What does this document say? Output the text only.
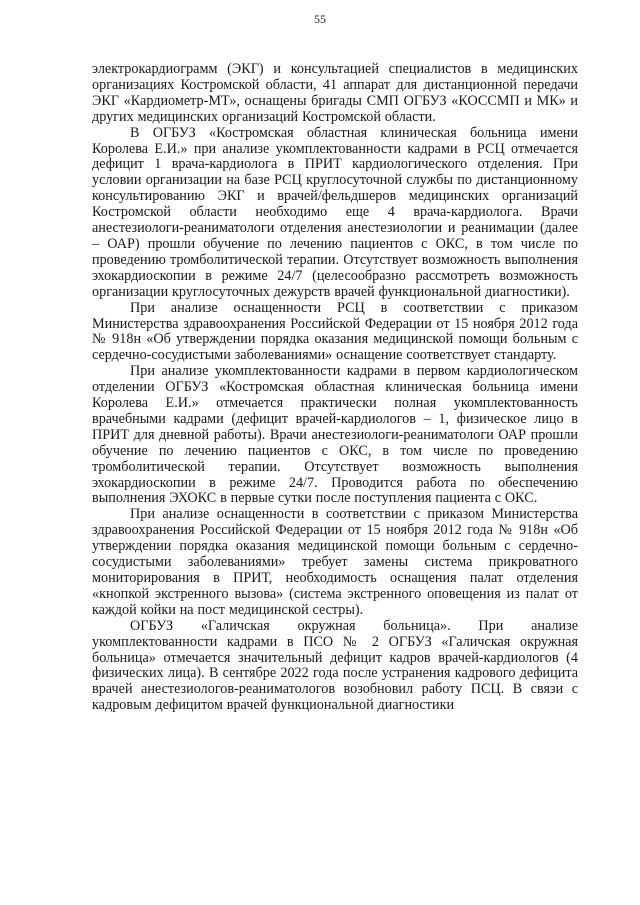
55

электрокардиограмм (ЭКГ) и консультацией специалистов в медицинских организациях Костромской области, 41 аппарат для дистанционной передачи ЭКГ «Кардиометр-МТ», оснащены бригады СМП ОГБУЗ «КОССМП и МК» и других медицинских организаций Костромской области.

В ОГБУЗ «Костромская областная клиническая больница имени Королева Е.И.» при анализе укомплектованности кадрами в РСЦ отмечается дефицит 1 врача-кардиолога в ПРИТ кардиологического отделения. При условии организации на базе РСЦ круглосуточной службы по дистанционному консультированию ЭКГ и врачей/фельдшеров медицинских организаций Костромской области необходимо еще 4 врача-кардиолога. Врачи анестезиологи-реаниматологи отделения анестезиологии и реанимации (далее – ОАР) прошли обучение по лечению пациентов с ОКС, в том числе по проведению тромболитической терапии. Отсутствует возможность выполнения эхокардиоскопии в режиме 24/7 (целесообразно рассмотреть возможность организации круглосуточных дежурств врачей функциональной диагностики).

При анализе оснащенности РСЦ в соответствии с приказом Министерства здравоохранения Российской Федерации от 15 ноября 2012 года № 918н «Об утверждении порядка оказания медицинской помощи больным с сердечно-сосудистыми заболеваниями» оснащение соответствует стандарту.

При анализе укомплектованности кадрами в первом кардиологическом отделении ОГБУЗ «Костромская областная клиническая больница имени Королева Е.И.» отмечается практически полная укомплектованность врачебными кадрами (дефицит врачей-кардиологов – 1, физическое лицо в ПРИТ для дневной работы). Врачи анестезиологи-реаниматологи ОАР прошли обучение по лечению пациентов с ОКС, в том числе по проведению тромболитической терапии. Отсутствует возможность выполнения эхокардиоскопии в режиме 24/7. Проводится работа по обеспечению выполнения ЭХОКС в первые сутки после поступления пациента с ОКС.

При анализе оснащенности в соответствии с приказом Министерства здравоохранения Российской Федерации от 15 ноября 2012 года № 918н «Об утверждении порядка оказания медицинской помощи больным с сердечно-сосудистыми заболеваниями» требует замены система прикроватного мониторирования в ПРИТ, необходимость оснащения палат отделения «кнопкой экстренного вызова» (система экстренного оповещения из палат от каждой койки на пост медицинской сестры).

ОГБУЗ «Галичская окружная больница». При анализе укомплектованности кадрами в ПСО № 2 ОГБУЗ «Галичская окружная больница» отмечается значительный дефицит кадров врачей-кардиологов (4 физических лица). В сентябре 2022 года после устранения кадрового дефицита врачей анестезиологов-реаниматологов возобновил работу ПСЦ. В связи с кадровым дефицитом врачей функциональной диагностики
